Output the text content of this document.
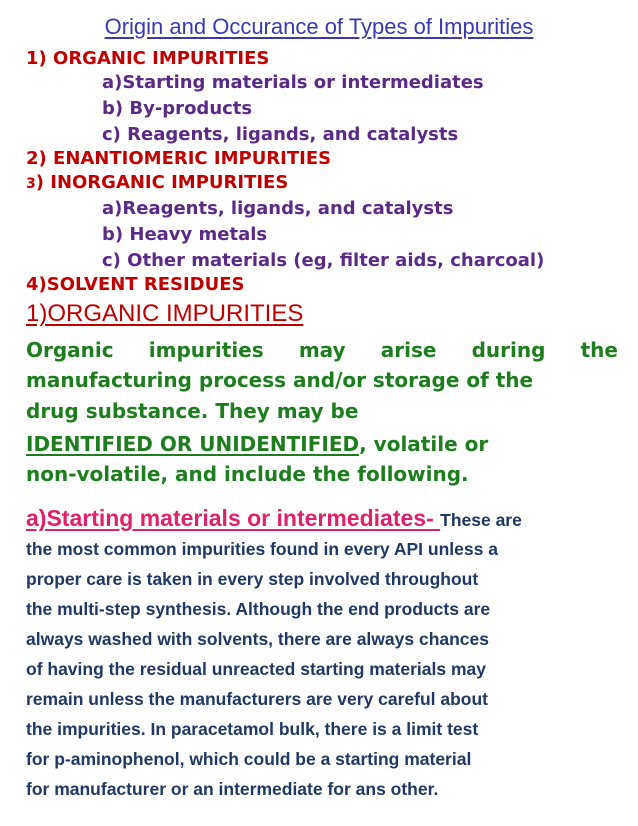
Origin and Occurance of Types of Impurities
1) ORGANIC IMPURITIES
a)Starting materials or intermediates
b) By-products
c) Reagents, ligands, and catalysts
2) ENANTIOMERIC IMPURITIES
3) INORGANIC IMPURITIES
a)Reagents, ligands, and catalysts
b) Heavy metals
c) Other materials (eg, filter aids, charcoal)
4)SOLVENT RESIDUES
1)ORGANIC IMPURITIES
Organic impurities may arise during the
manufacturing process and/or storage of the
drug substance. They may be
IDENTIFIED OR UNIDENTIFIED, volatile or
non-volatile, and include the following.
a)Starting materials or intermediates- These are
the most common impurities found in every API unless a
proper care is taken in every step involved throughout
the multi-step synthesis. Although the end products are
always washed with solvents, there are always chances
of having the residual unreacted starting materials may
remain unless the manufacturers are very careful about
the impurities. In paracetamol bulk, there is a limit test
for p-aminophenol, which could be a starting material
for manufacturer or an intermediate for ans other.
